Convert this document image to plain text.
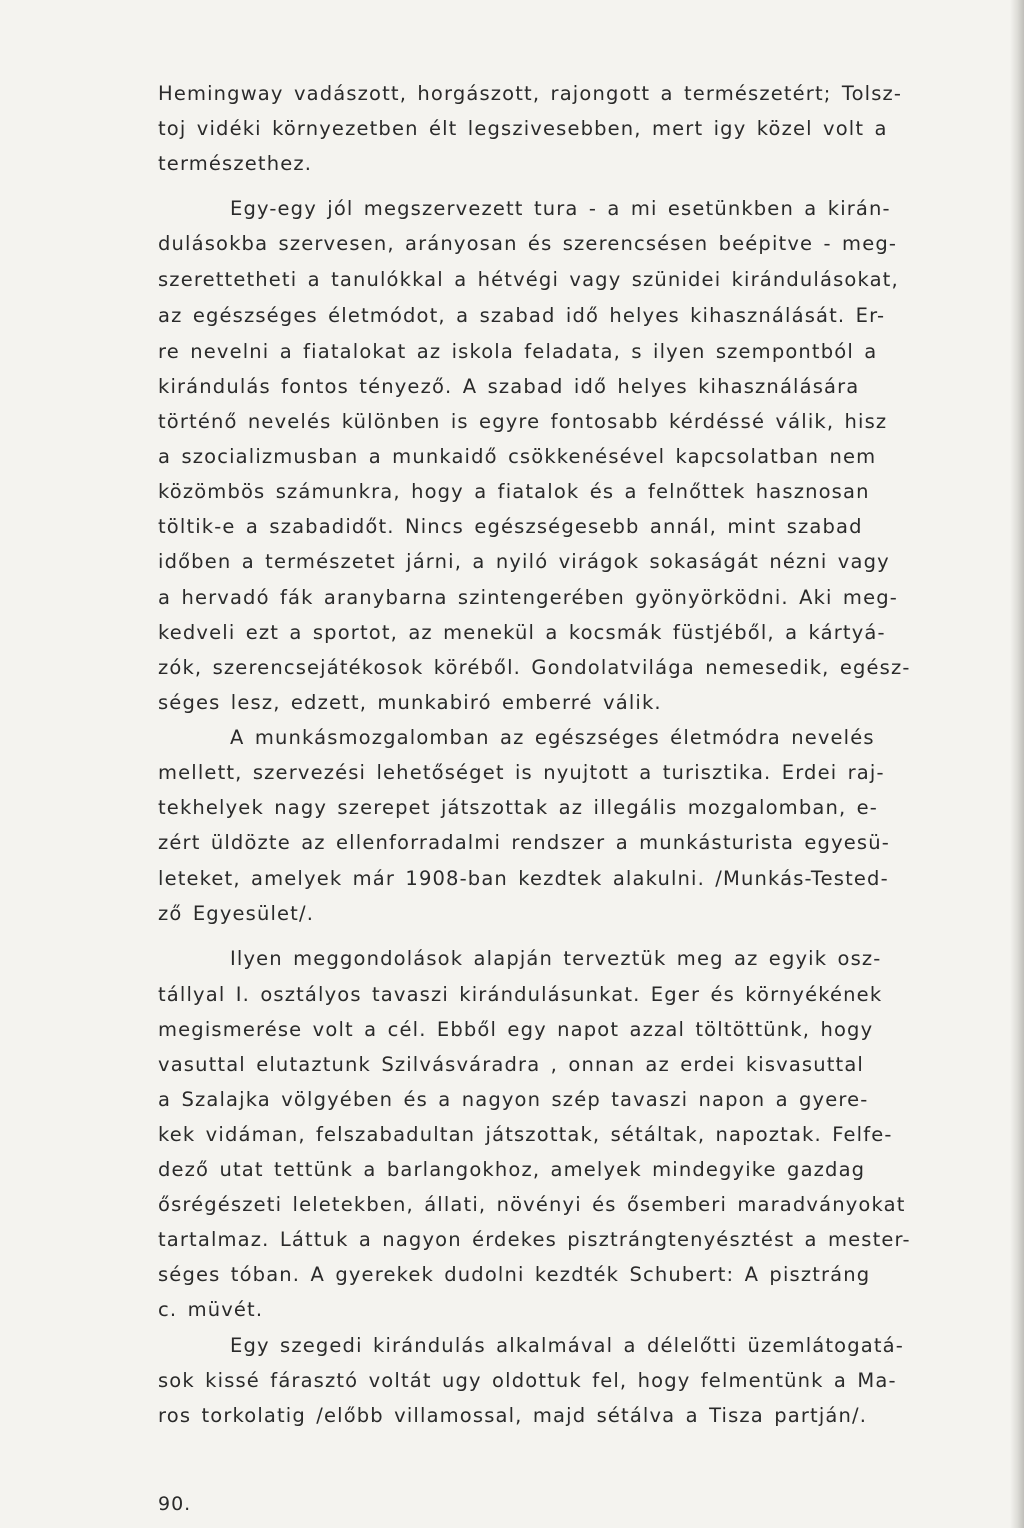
Hemingway vadászott, horgászott, rajongott a természetért; Tolsz-
toj vidéki környezetben élt legszivesebben, mert igy közel volt a
természethez.
Egy-egy jól megszervezett tura - a mi esetünkben a kirán-
dulásokba szervesen, arányosan és szerencsésen beépitve - meg-
szerettetheti a tanulókkal a hétvégi vagy szünidei kirándulásokat,
az egészséges életmódot, a szabad idő helyes kihasználását. Er-
re nevelni a fiatalokat az iskola feladata, s ilyen szempontból a
kirándulás fontos tényező. A szabad idő helyes kihasználására
történő nevelés különben is egyre fontosabb kérdéssé válik, hisz
a szocializmusban a munkaidő csökkenésével kapcsolatban nem
közömbös számunkra, hogy a fiatalok és a felnőttek hasznosan
töltik-e a szabadidőt. Nincs egészségesebb annál, mint szabad
időben a természetet járni, a nyiló virágok sokaságát nézni vagy
a hervadó fák aranybarna szintengerében gyönyörködni. Aki meg-
kedveli ezt a sportot, az menekül a kocsmák füstjéből, a kártyá-
zók, szerencsejátékosok köréből. Gondolatvilága nemesedik, egész-
séges lesz, edzett, munkabiró emberré válik.
A munkásmozgalomban az egészséges életmódra nevelés
mellett, szervezési lehetőséget is nyujtott a turisztika. Erdei raj-
tekhelyek nagy szerepet játszottak az illegális mozgalomban, e-
zért üldözte az ellenforradalmi rendszer a munkásturista egyesü-
leteket, amelyek már 1908-ban kezdtek alakulni. /Munkás-Tested-
ző Egyesület/.
Ilyen meggondolások alapján terveztük meg az egyik osz-
tállyal I. osztályos tavaszi kirándulásunkat. Eger és környékének
megismerése volt a cél. Ebből egy napot azzal töltöttünk, hogy
vasuttal elutaztunk Szilvásváradra , onnan az erdei kisvasuttal
a Szalajka völgyében és a nagyon szép tavaszi napon a gyere-
kek vidáman, felszabadultan játszottak, sétáltak, napoztak. Felfe-
dező utat tettünk a barlangokhoz, amelyek mindegyike gazdag
ősrégészeti leletekben, állati, növényi és ősemberi maradványokat
tartalmaz. Láttuk a nagyon érdekes pisztrángtenyésztést a mester-
séges tóban. A gyerekek dudolni kezdték Schubert: A pisztráng
c. müvét.
Egy szegedi kirándulás alkalmával a délelőtti üzemlátogatá-
sok kissé fárasztó voltát ugy oldottuk fel, hogy felmentünk a Ma-
ros torkolatig /előbb villamossal, majd sétálva a Tisza partján/.
90.
